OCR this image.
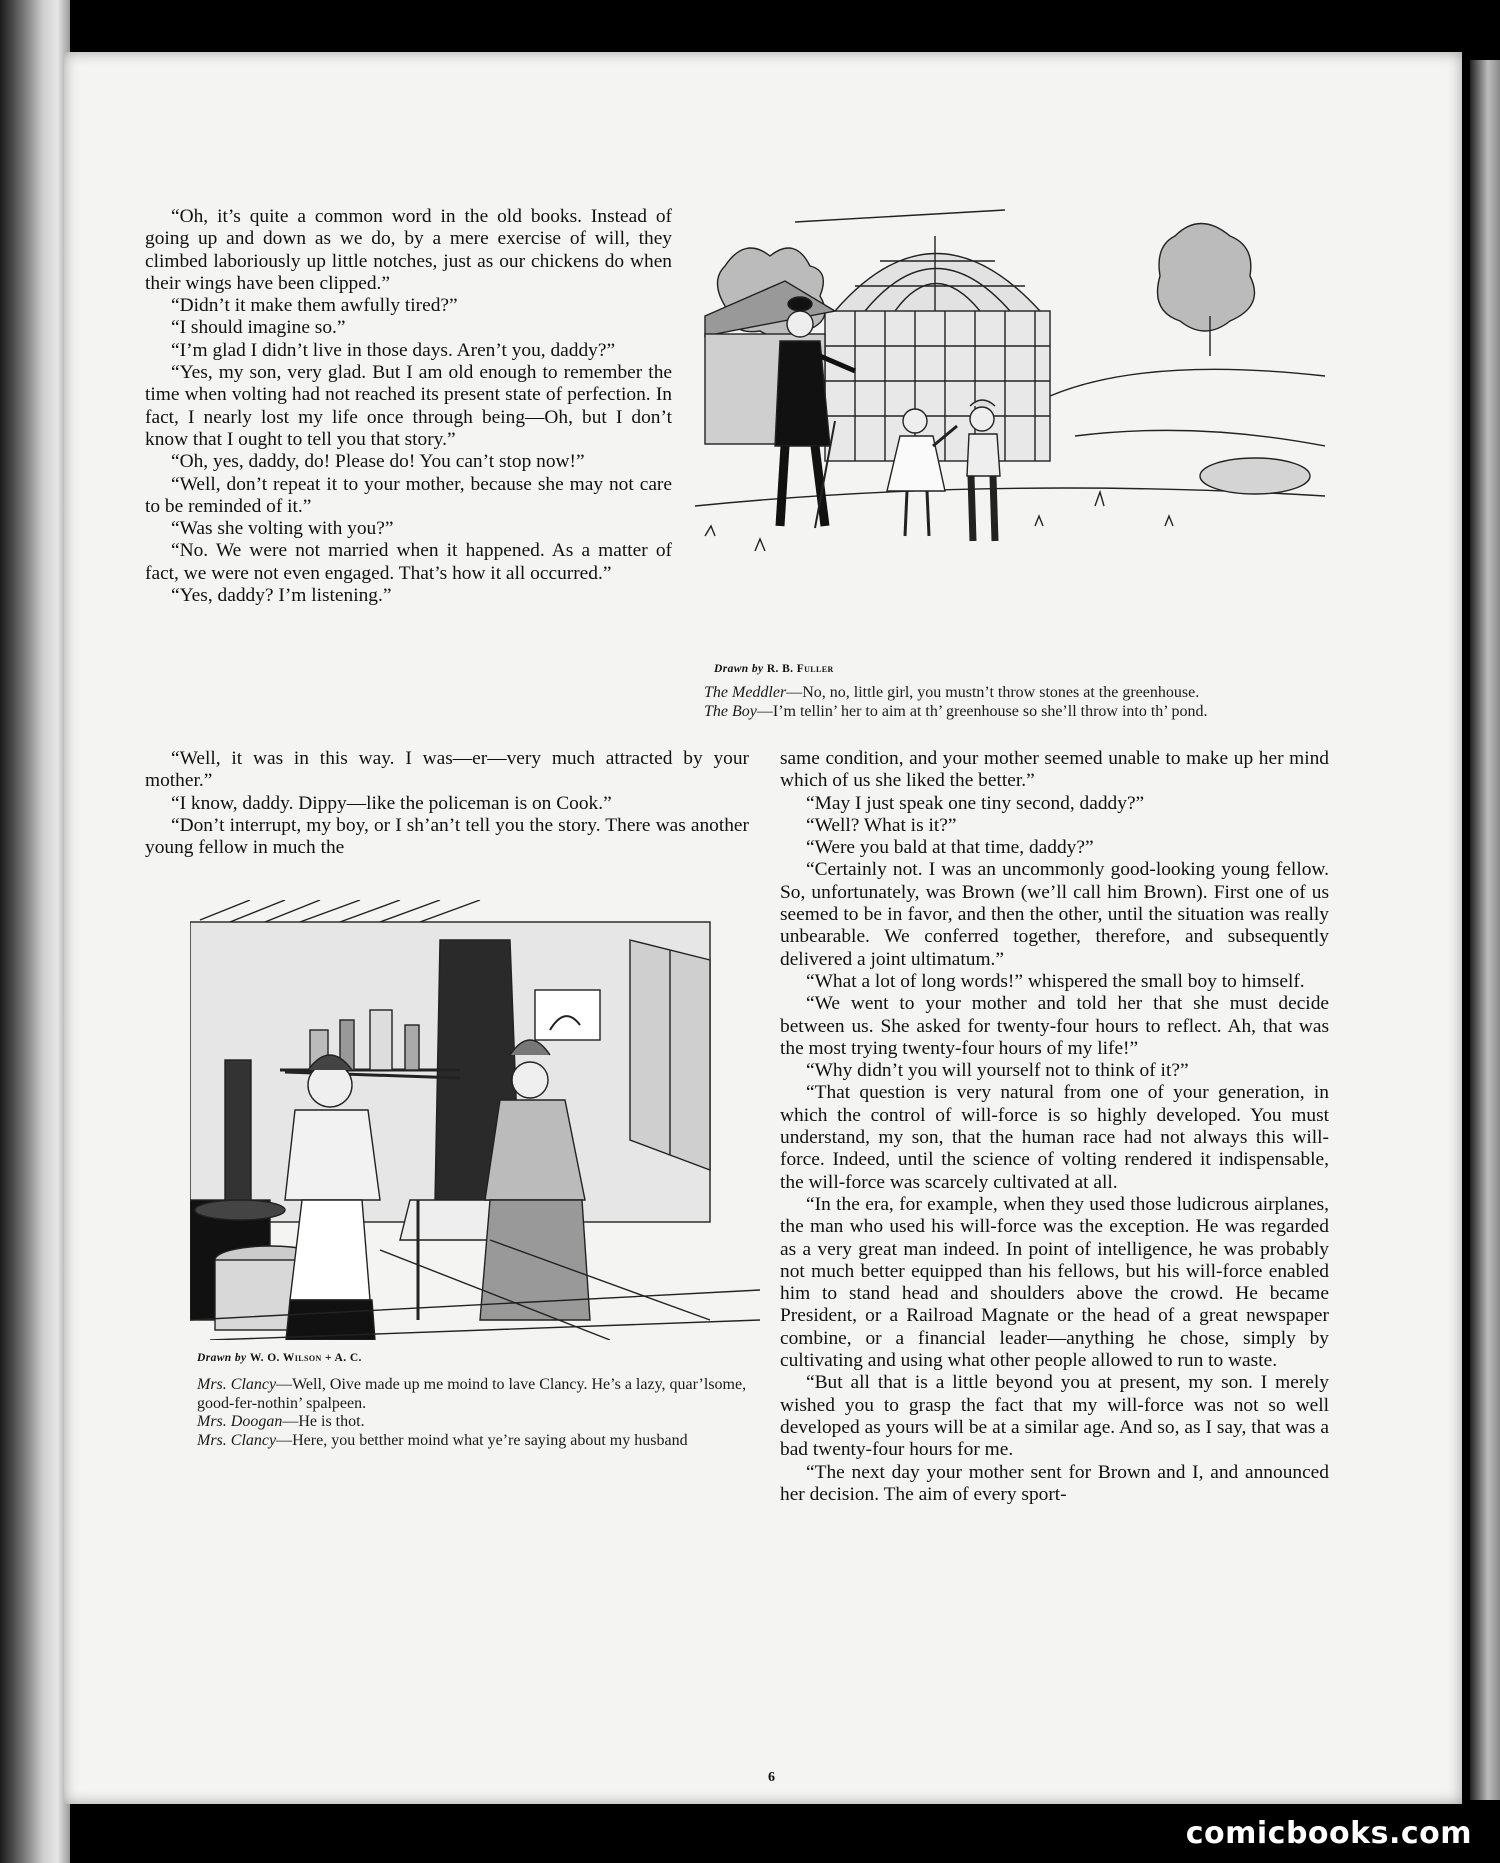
“Oh, it’s quite a common word in the old books. Instead of going up and down as we do, by a mere exercise of will, they climbed laboriously up little notches, just as our chickens do when their wings have been clipped.”

“Didn’t it make them awfully tired?”

“I should imagine so.”

“I’m glad I didn’t live in those days. Aren’t you, daddy?”

“Yes, my son, very glad. But I am old enough to remember the time when volting had not reached its present state of perfection. In fact, I nearly lost my life once through being—Oh, but I don’t know that I ought to tell you that story.”

“Oh, yes, daddy, do! Please do! You can’t stop now!”

“Well, don’t repeat it to your mother, because she may not care to be reminded of it.”

“Was she volting with you?”

“No. We were not married when it happened. As a matter of fact, we were not even engaged. That’s how it all occurred.”

“Yes, daddy? I’m listening.”

Drawn by R. B. Fuller

The Meddler—No, no, little girl, you mustn’t throw stones at the greenhouse.

The Boy—I’m tellin’ her to aim at th’ greenhouse so she’ll throw into th’ pond.

“Well, it was in this way. I was—er—very much attracted by your mother.”

“I know, daddy. Dippy—like the policeman is on Cook.”

“Don’t interrupt, my boy, or I sh’an’t tell you the story. There was another young fellow in much the

Drawn by W. O. Wilson + A. C.

Mrs. Clancy—Well, Oive made up me moind to lave Clancy. He’s a lazy, quar’lsome, good-fer-nothin’ spalpeen.

Mrs. Doogan—He is thot.

Mrs. Clancy—Here, you betther moind what ye’re saying about my husband

same condition, and your mother seemed unable to make up her mind which of us she liked the better.”

“May I just speak one tiny second, daddy?”

“Well? What is it?”

“Were you bald at that time, daddy?”

“Certainly not. I was an uncommonly good-looking young fellow. So, unfortunately, was Brown (we’ll call him Brown). First one of us seemed to be in favor, and then the other, until the situation was really unbearable. We conferred together, therefore, and subsequently delivered a joint ultimatum.”

“What a lot of long words!” whispered the small boy to himself.

“We went to your mother and told her that she must decide between us. She asked for twenty-four hours to reflect. Ah, that was the most trying twenty-four hours of my life!”

“Why didn’t you will yourself not to think of it?”

“That question is very natural from one of your generation, in which the control of will-force is so highly developed. You must understand, my son, that the human race had not always this will-force. Indeed, until the science of volting rendered it indispensable, the will-force was scarcely cultivated at all.

“In the era, for example, when they used those ludicrous airplanes, the man who used his will-force was the exception. He was regarded as a very great man indeed. In point of intelligence, he was probably not much better equipped than his fellows, but his will-force enabled him to stand head and shoulders above the crowd. He became President, or a Railroad Magnate or the head of a great newspaper combine, or a financial leader—anything he chose, simply by cultivating and using what other people allowed to run to waste.

“But all that is a little beyond you at present, my son. I merely wished you to grasp the fact that my will-force was not so well developed as yours will be at a similar age. And so, as I say, that was a bad twenty-four hours for me.

“The next day your mother sent for Brown and I, and announced her decision. The aim of every sport-

6
comicbooks.com
